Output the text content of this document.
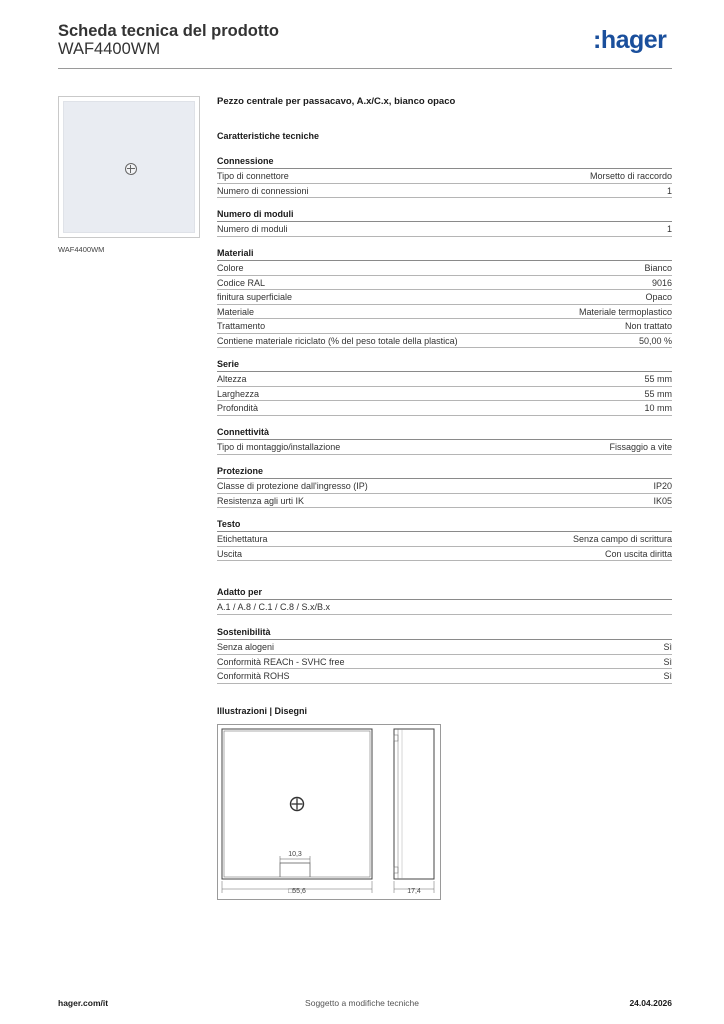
Scheda tecnica del prodotto
WAF4400WM	:hager
WAF4400WM
Pezzo centrale per passacavo, A.x/C.x, bianco opaco
Caratteristiche tecniche
Connessione
Tipo di connettore	Morsetto di raccordo
Numero di connessioni	1
Numero di moduli
Numero di moduli	1
Materiali
Colore	Bianco
Codice RAL	9016
finitura superficiale	Opaco
Materiale	Materiale termoplastico
Trattamento	Non trattato
Contiene materiale riciclato (% del peso totale della plastica)	50,00 %
Serie
Altezza	55 mm
Larghezza	55 mm
Profondità	10 mm
Connettività
Tipo di montaggio/installazione	Fissaggio a vite
Protezione
Classe di protezione dall'ingresso (IP)	IP20
Resistenza agli urti IK	IK05
Testo
Etichettatura	Senza campo di scrittura
Uscita	Con uscita diritta
Adatto per
A.1 / A.8 / C.1 / C.8 / S.x/B.x
Sostenibilità
Senza alogeni	Sì
Conformità REACh - SVHC free	Sì
Conformità ROHS	Sì
Illustrazioni | Disegni
10,3
□55,6	17,4
Soggetto a modifiche tecniche
hager.com/it	24.04.2026
